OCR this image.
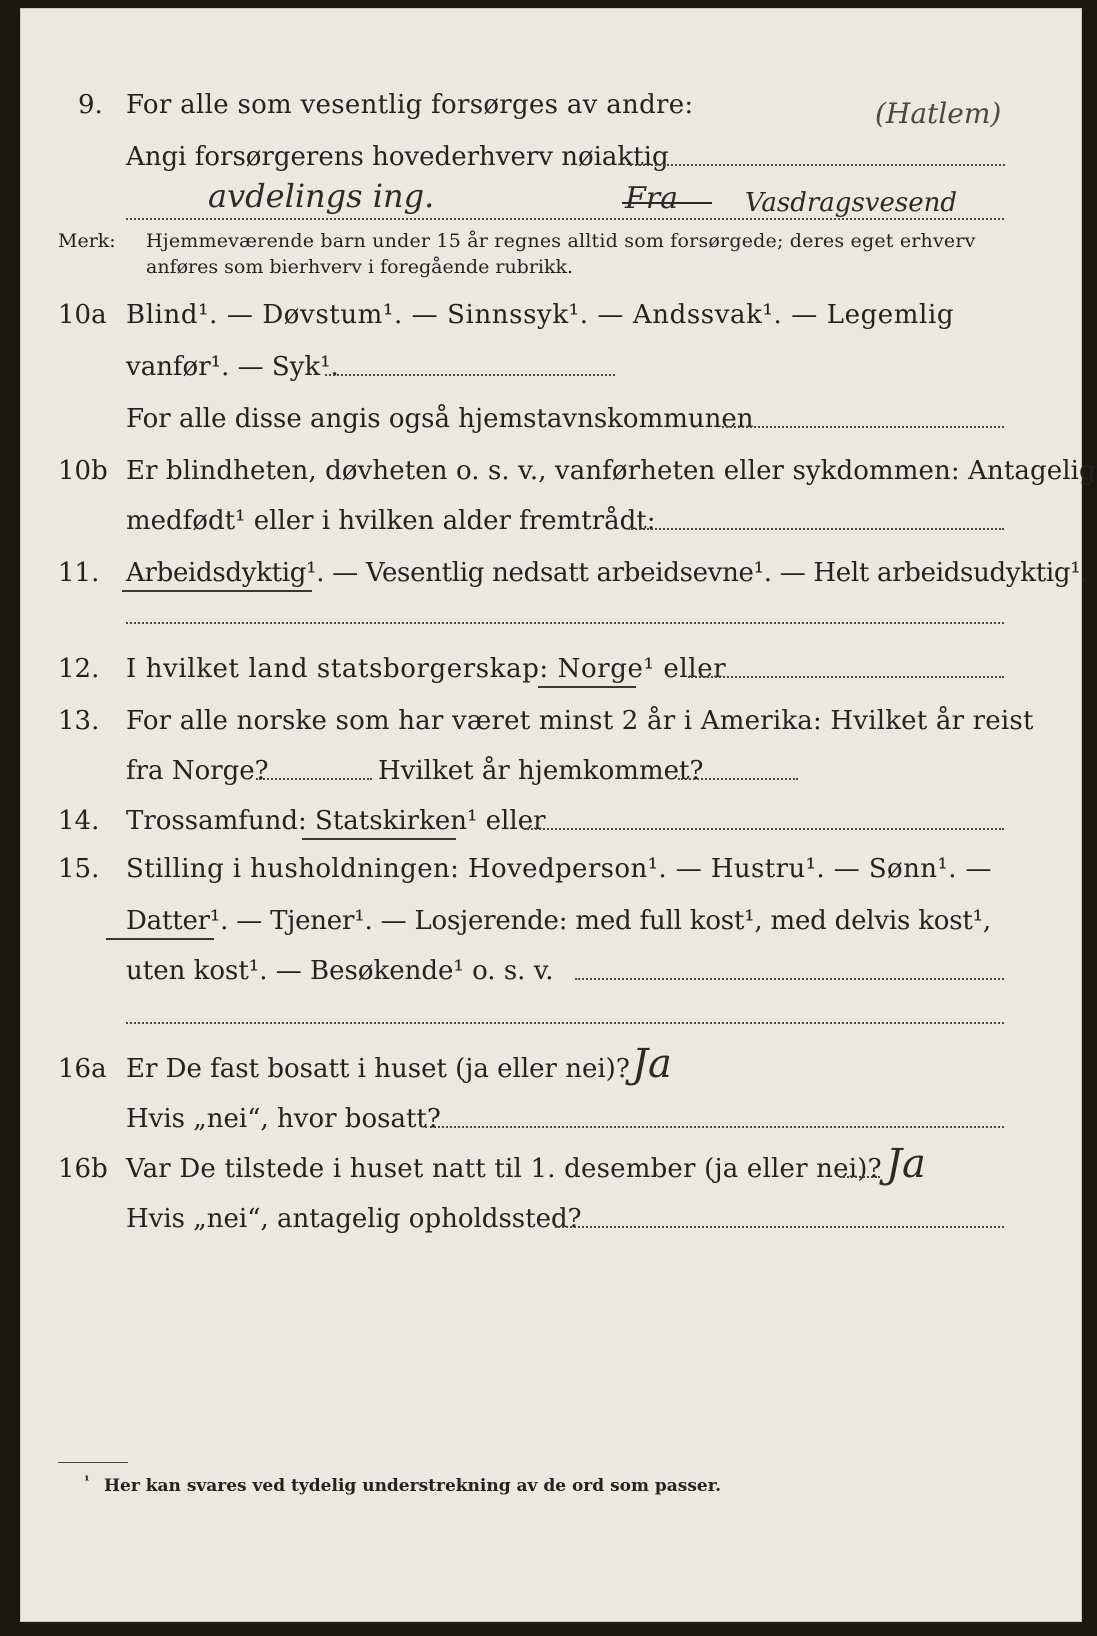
9. For alle som vesentlig forsørges av andre:	(Hatlem)
Angi forsørgerens hovederhverv nøiaktig
avdelings ing.	Fra	Vasdragsvesend
Merk: Hjemmeværende barn under 15 år regnes alltid som forsørgede; deres eget erhverv
anføres som bierhverv i foregående rubrikk.
10a Blind¹. — Døvstum¹. — Sinnssyk¹. — Andssvak¹. — Legemlig
vanfør¹. — Syk¹.
For alle disse angis også hjemstavnskommunen
10b Er blindheten, døvheten o. s. v., vanførheten eller sykdommen: Antagelig
medfødt¹ eller i hvilken alder fremtrådt:
11. Arbeidsdyktig¹. — Vesentlig nedsatt arbeidsevne¹. — Helt arbeidsudyktig¹.
12. I hvilket land statsborgerskap: Norge¹ eller
13. For alle norske som har været minst 2 år i Amerika: Hvilket år reist
fra Norge?	Hvilket år hjemkommet?
14. Trossamfund: Statskirken¹ eller
15. Stilling i husholdningen: Hovedperson¹. — Hustru¹. — Sønn¹. —
Datter¹. — Tjener¹. — Losjerende: med full kost¹, med delvis kost¹,
uten kost¹. — Besøkende¹ o. s. v.
16a Er De fast bosatt i huset (ja eller nei)? Ja
Hvis „nei“, hvor bosatt?
16b Var De tilstede i huset natt til 1. desember (ja eller nei)? Ja
Hvis „nei“, antagelig opholdssted?
¹ Her kan svares ved tydelig understrekning av de ord som passer.
